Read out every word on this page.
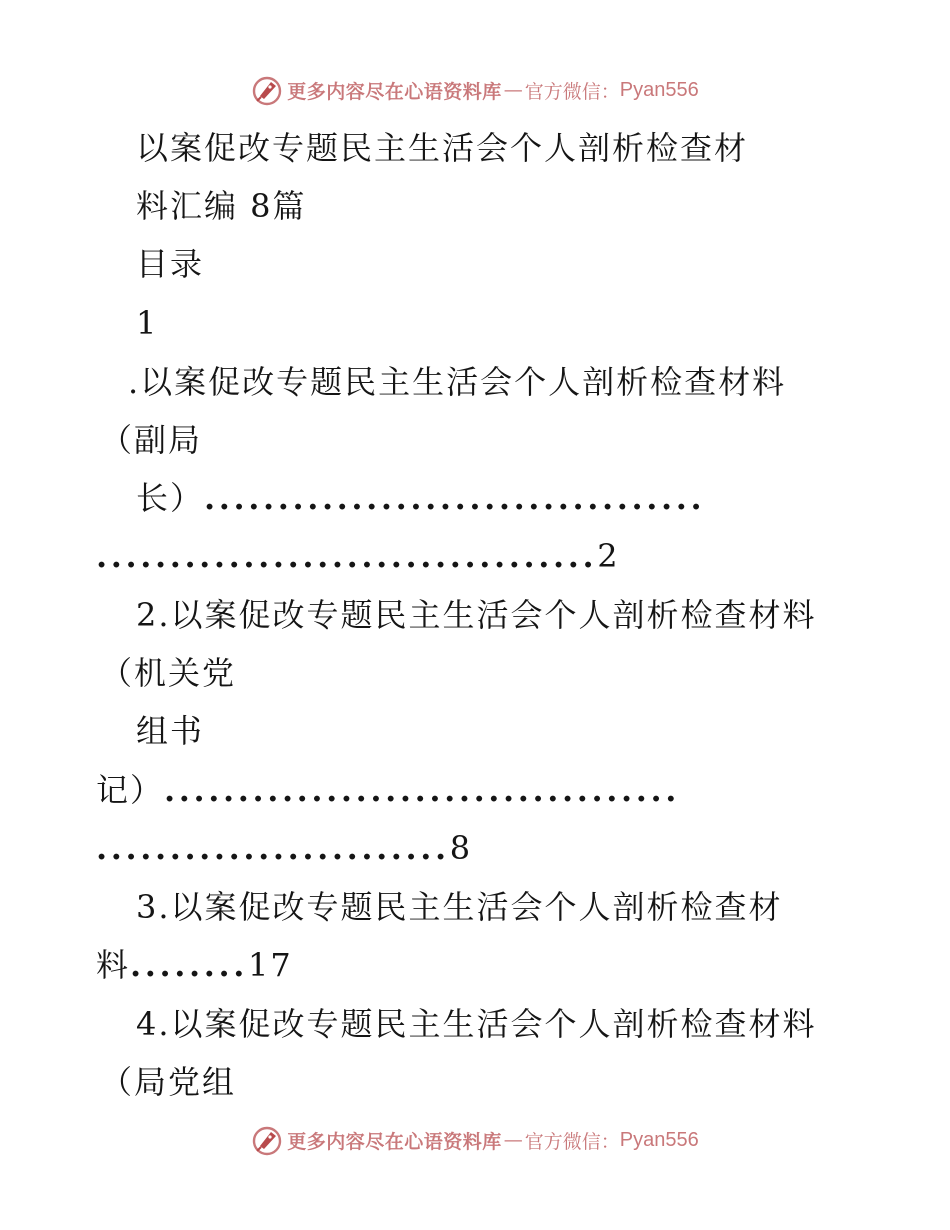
更多内容尽在心语资料库 — 官方微信： Pyan556
以案促改专题民主生活会个人剖析检查材
料汇编 8篇
目录
1
.以案促改专题民主生活会个人剖析检查材料
（副局
长）..................................
..................................2
2.以案促改专题民主生活会个人剖析检查材料
（机关党
组书
记）...................................
........................8
3.以案促改专题民主生活会个人剖析检查材
料........17
4.以案促改专题民主生活会个人剖析检查材料
（局党组
更多内容尽在心语资料库 — 官方微信： Pyan556
